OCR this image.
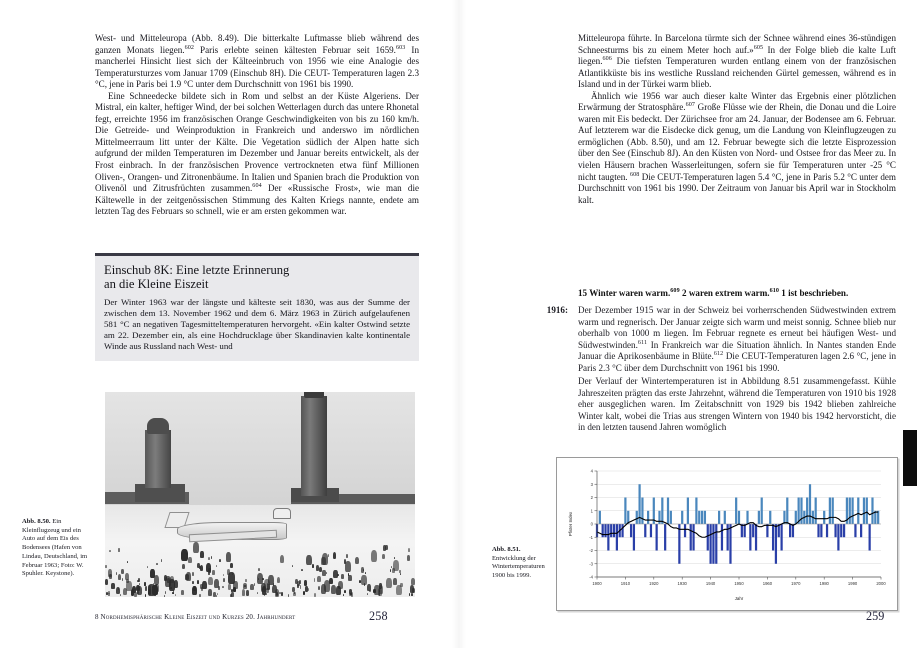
West- und Mitteleuropa (Abb. 8.49). Die bitterkalte Luftmasse blieb während des ganzen Monats liegen.$^{602}$ Paris erlebte seinen kältesten Februar seit 1659.$^{603}$ In mancherlei Hinsicht liest sich der Kälteeinbruch von 1956 wie eine Analogie des Temperatursturzes vom Januar 1709 (Einschub 8H). Die CEUT- Temperaturen lagen 2.3 °C, jene in Paris bei 1.9 °C unter dem Durchschnitt von 1961 bis 1990.

Eine Schneedecke bildete sich in Rom und selbst an der Küste Algeriens. Der Mistral, ein kalter, heftiger Wind, der bei solchen Wetterlagen durch das untere Rhonetal fegt, erreichte 1956 im französischen Orange Geschwindigkeiten von bis zu 160 km/h. Die Getreide- und Weinproduktion in Frankreich und anderswo im nördlichen Mittelmeerraum litt unter der Kälte. Die Vegetation südlich der Alpen hatte sich aufgrund der milden Temperaturen im Dezember und Januar bereits entwickelt, als der Frost einbrach. In der französischen Provence vertrockneten etwa fünf Millionen Oliven-, Orangen- und Zitronenbäume. In Italien und Spanien brach die Produktion von Olivenöl und Zitrusfrüchten zusammen.$^{604}$ Der «Russische Frost», wie man die Kältewelle in der zeitgenössischen Stimmung des Kalten Kriegs nannte, endete am letzten Tag des Februars so schnell, wie er am ersten gekommen war.

Einschub 8K: Eine letzte Erinnerung
an die Kleine Eiszeit

Der Winter 1963 war der längste und kälteste seit 1830, was aus der Summe der zwischen dem 13. November 1962 und dem 6. März 1963 in Zürich aufgelaufenen 581 °C an negativen Tagesmitteltemperaturen hervorgeht. «Ein kalter Ostwind setzte am 22. Dezember ein, als eine Hochdrucklage über Skandinavien kalte kontinentale Winde aus Russland nach West- und

Abb. 8.50. Ein Kleinflugzeug und ein Auto auf dem Eis des Bodensees (Hafen von Lindau, Deutschland, im Februar 1963; Foto: W. Spuhler. Keystone).
8 Nordhemisphärische Kleine Eiszeit und Kurzes 20. Jahrhundert	258

Mitteleuropa führte. In Barcelona türmte sich der Schnee während eines 36-stündigen Schneesturms bis zu einem Meter hoch auf.»$^{605}$ In der Folge blieb die kalte Luft liegen.$^{606}$ Die tiefsten Temperaturen wurden entlang einem von der französischen Atlantikküste bis ins westliche Russland reichenden Gürtel gemessen, während es in Island und in der Türkei warm blieb.

Ähnlich wie 1956 war auch dieser kalte Winter das Ergebnis einer plötzlichen Erwärmung der Stratosphäre.$^{607}$ Große Flüsse wie der Rhein, die Donau und die Loire waren mit Eis bedeckt. Der Zürichsee fror am 24. Januar, der Bodensee am 6. Februar. Auf letzterem war die Eisdecke dick genug, um die Landung von Kleinflugzeugen zu ermöglichen (Abb. 8.50), und am 12. Februar bewegte sich die letzte Eisprozession über den See (Einschub 8J). An den Küsten von Nord- und Ostsee fror das Meer zu. In vielen Häusern brachen Wasserleitungen, sofern sie für Temperaturen unter -25 °C nicht taugten. $^{608}$ Die CEUT-Temperaturen lagen 5.4 °C, jene in Paris 5.2 °C unter dem Durchschnitt von 1961 bis 1990. Der Zeitraum von Januar bis April war in Stockholm kalt.

15 Winter waren warm.$^{609}$ 2 waren extrem warm.$^{610}$ 1 ist beschrieben.
1916: Der Dezember 1915 war in der Schweiz bei vorherrschenden Südwestwinden extrem warm und regnerisch. Der Januar zeigte sich warm und meist sonnig. Schnee blieb nur oberhalb von 1000 m liegen. Im Februar regnete es erneut bei häufigen West- und Südwestwinden.$^{611}$ In Frankreich war die Situation ähnlich. In Nantes standen Ende Januar die Aprikosenbäume in Blüte.$^{612}$ Die CEUT-Temperaturen lagen 2.6 °C, jene in Paris 2.3 °C über dem Durchschnitt von 1961 bis 1990.
Der Verlauf der Wintertemperaturen ist in Abbildung 8.51 zusammengefasst. Kühle Jahreszeiten prägten das erste Jahrzehnt, während die Temperaturen von 1910 bis 1928 eher ausgeglichen waren. Im Zeitabschnitt von 1929 bis 1942 blieben zahlreiche Winter kalt, wobei die Trias aus strengen Wintern von 1940 bis 1942 hervorsticht, die in den letzten tausend Jahren womöglich
-4
-3
-2
-1
0
1
2
3
4
1900	1910	1920	1930	1940	1950	1960	1970	1980	1990	2000
Jahr
Pfister Index
Abb. 8.51. Entwicklung der Wintertemperaturen 1900 bis 1999.
259
